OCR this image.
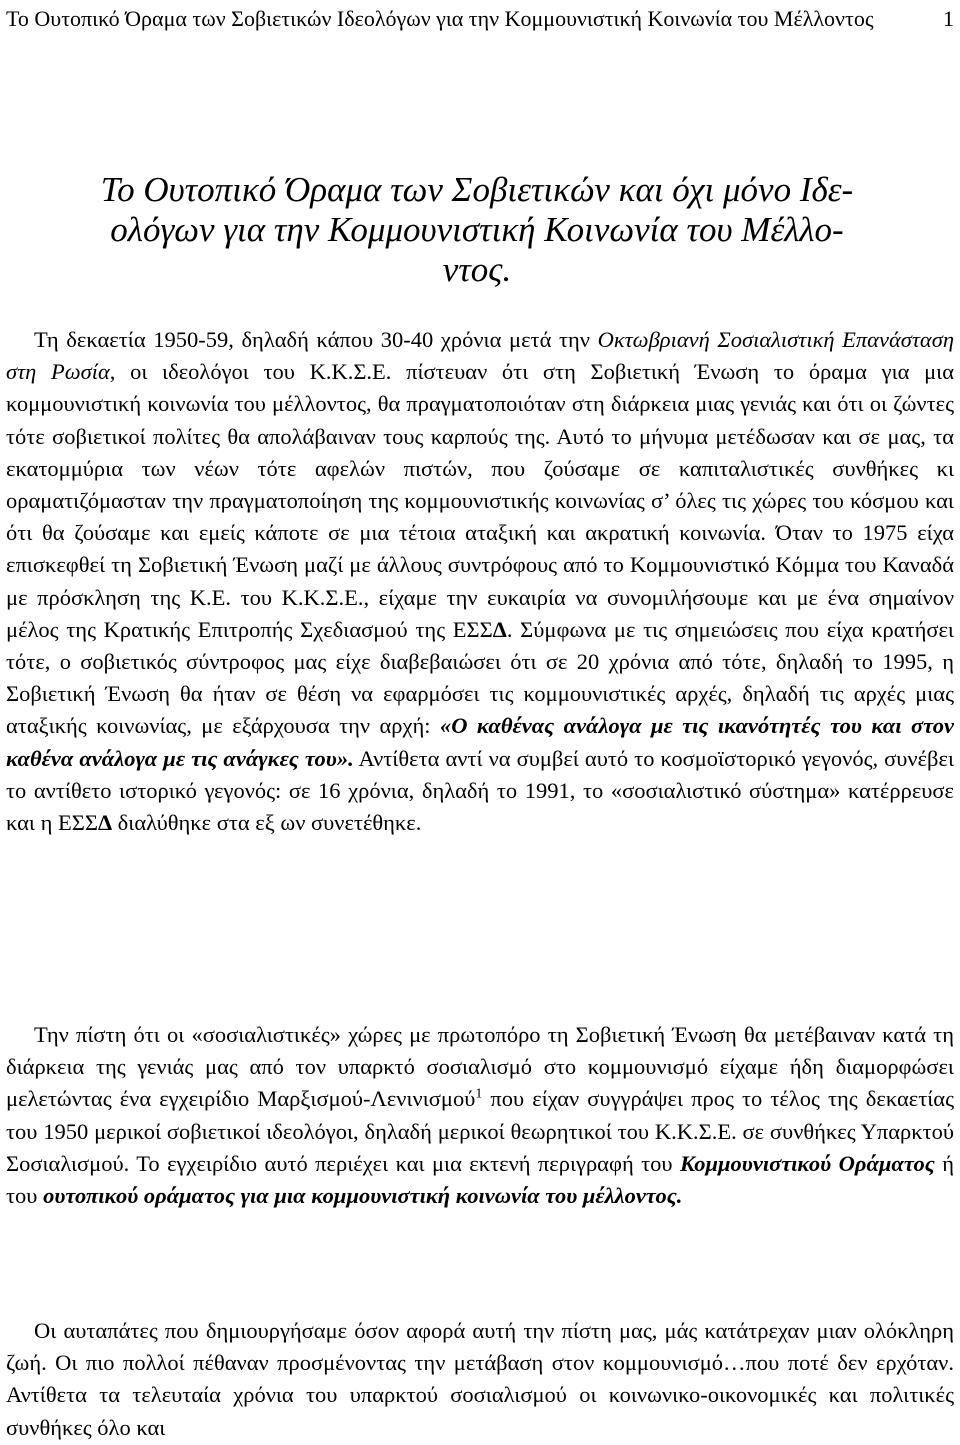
Το Ουτοπικό Όραμα των Σοβιετικών Ιδεολόγων για την Κομμουνιστική Κοινωνία του Μέλλοντος	1
Το Ουτοπικό Όραμα των Σοβιετικών και όχι μόνο Ιδε-
ολόγων για την Κομμουνιστική Κοινωνία του Μέλλο-
ντος.

Τη δεκαετία 1950-59, δηλαδή κάπου 30-40 χρόνια μετά την Οκτωβριανή Σοσιαλιστική Επανάσταση στη Ρωσία, οι ιδεολόγοι του Κ.Κ.Σ.Ε. πίστευαν ότι στη Σοβιετική Ένωση το όραμα για μια κομμουνιστική κοινωνία του μέλλοντος, θα πραγματοποιόταν στη διάρκεια μιας γενιάς και ότι οι ζώντες τότε σοβιετικοί πολίτες θα απολάβαιναν τους καρπούς της. Αυτό το μήνυμα μετέδωσαν και σε μας, τα εκατομμύρια των νέων τότε αφελών πιστών, που ζούσαμε σε καπιταλιστικές συνθήκες κι οραματιζόμασταν την πραγματοποίηση της κομμουνιστικής κοινωνίας σ’ όλες τις χώρες του κόσμου και ότι θα ζούσαμε και εμείς κάποτε σε μια τέτοια αταξική και ακρατική κοινωνία. Όταν το 1975 είχα επισκεφθεί τη Σοβιετική Ένωση μαζί με άλλους συντρόφους από το Κομμουνιστικό Κόμμα του Καναδά με πρόσκληση της Κ.Ε. του Κ.Κ.Σ.Ε., είχαμε την ευκαιρία να συνομιλήσουμε και με ένα σημαίνον μέλος της Κρατικής Επιτροπής Σχεδιασμού της ΕΣΣΔ. Σύμφωνα με τις σημειώσεις που είχα κρατήσει τότε, ο σοβιετικός σύντροφος μας είχε διαβεβαιώσει ότι σε 20 χρόνια από τότε, δηλαδή το 1995, η Σοβιετική Ένωση θα ήταν σε θέση να εφαρμόσει τις κομμουνιστικές αρχές, δηλαδή τις αρχές μιας αταξικής κοινωνίας, με εξάρχουσα την αρχή: «Ο καθένας ανάλογα με τις ικανότητές του και στον καθένα ανάλογα με τις ανάγκες του». Αντίθετα αντί να συμβεί αυτό το κοσμοϊστορικό γεγονός, συνέβει το αντίθετο ιστορικό γεγονός: σε 16 χρόνια, δηλαδή το 1991, το «σοσιαλιστικό σύστημα» κατέρρευσε και η ΕΣΣΔ διαλύθηκε στα εξ ων συνετέθηκε.

Την πίστη ότι οι «σοσιαλιστικές» χώρες με πρωτοπόρο τη Σοβιετική Ένωση θα μετέβαιναν κατά τη διάρκεια της γενιάς μας από τον υπαρκτό σοσιαλισμό στο κομμουνισμό είχαμε ήδη διαμορφώσει μελετώντας ένα εγχειρίδιο Μαρξισμού-Λενινισμού$^1$ που είχαν συγγράψει προς το τέλος της δεκαετίας του 1950 μερικοί σοβιετικοί ιδεολόγοι, δηλαδή μερικοί θεωρητικοί του Κ.Κ.Σ.Ε. σε συνθήκες Υπαρκτού Σοσιαλισμού. Το εγχειρίδιο αυτό περιέχει και μια εκτενή περιγραφή του Κομμουνιστικού Οράματος ή του ουτοπικού οράματος για μια κομμουνιστική κοινωνία του μέλλοντος.

Οι αυταπάτες που δημιουργήσαμε όσον αφορά αυτή την πίστη μας, μάς κατάτρεχαν μιαν ολόκληρη ζωή. Οι πιο πολλοί πέθαναν προσμένοντας την μετάβαση στον κομμουνισμό…που ποτέ δεν ερχόταν. Αντίθετα τα τελευταία χρόνια του υπαρκτού σοσιαλισμού οι κοινωνικο-οικονομικές και πολιτικές συνθήκες όλο και
